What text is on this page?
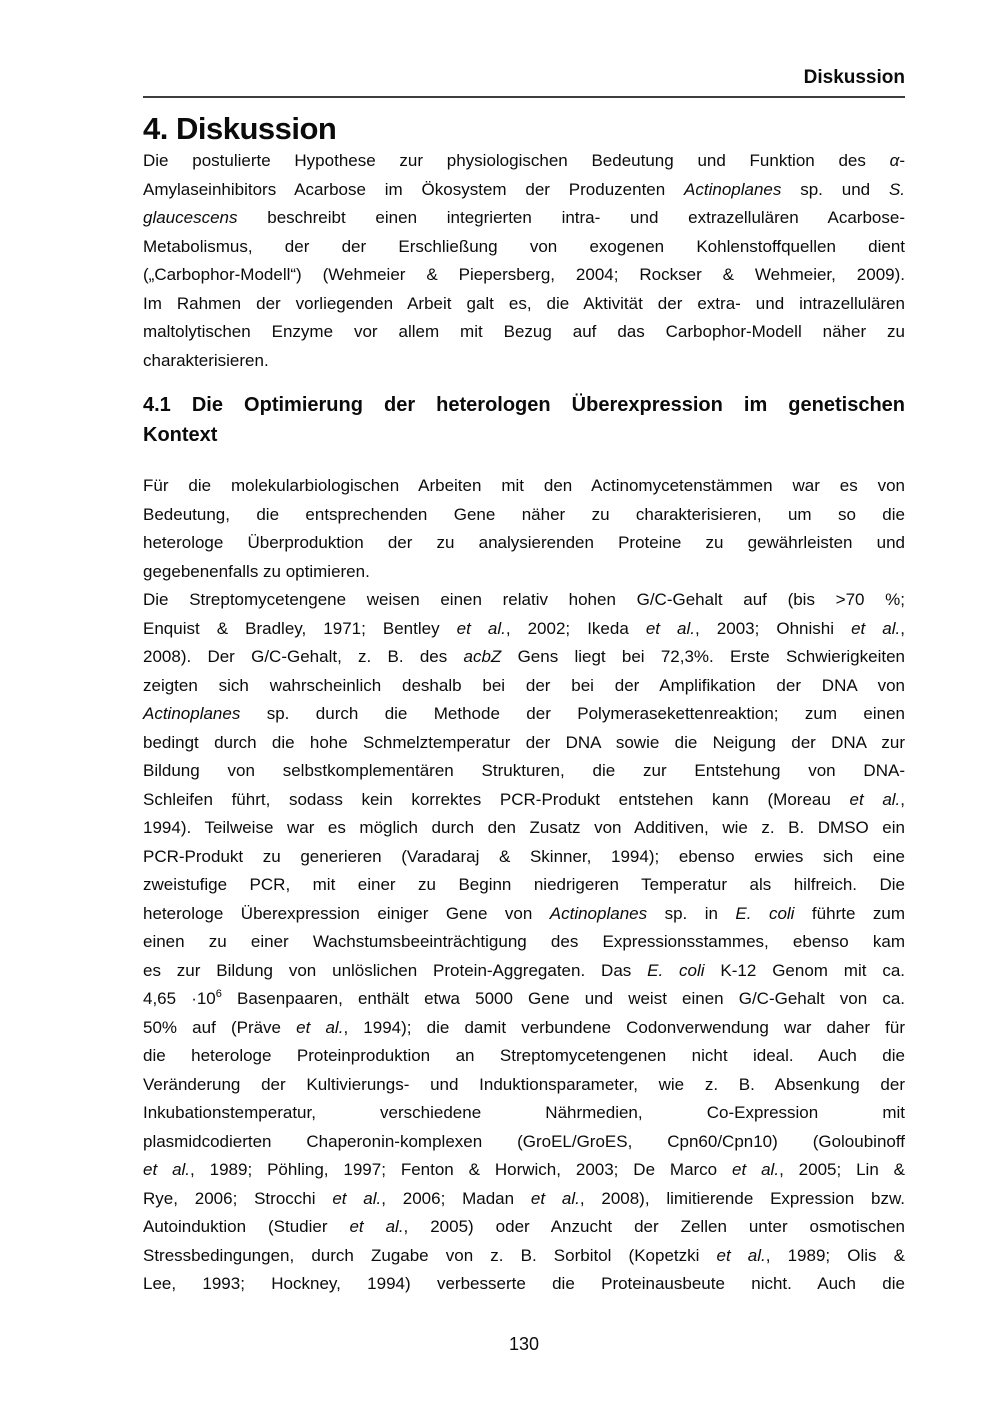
Diskussion
4. Diskussion
Die postulierte Hypothese zur physiologischen Bedeutung und Funktion des α-
Amylaseinhibitors Acarbose im Ökosystem der Produzenten Actinoplanes sp. und S.
glaucescens beschreibt einen integrierten intra- und extrazellulären Acarbose-
Metabolismus, der der Erschließung von exogenen Kohlenstoffquellen dient
(„Carbophor-Modell“) (Wehmeier & Piepersberg, 2004; Rockser & Wehmeier, 2009).
Im Rahmen der vorliegenden Arbeit galt es, die Aktivität der extra- und intrazellulären
maltolytischen Enzyme vor allem mit Bezug auf das Carbophor-Modell näher zu
charakterisieren.
4.1 Die Optimierung der heterologen Überexpression im genetischen
Kontext
Für die molekularbiologischen Arbeiten mit den Actinomycetenstämmen war es von
Bedeutung, die entsprechenden Gene näher zu charakterisieren, um so die
heterologe Überproduktion der zu analysierenden Proteine zu gewährleisten und
gegebenenfalls zu optimieren.
Die Streptomycetengene weisen einen relativ hohen G/C-Gehalt auf (bis >70 %;
Enquist & Bradley, 1971; Bentley et al., 2002; Ikeda et al., 2003; Ohnishi et al.,
2008). Der G/C-Gehalt, z. B. des acbZ Gens liegt bei 72,3%. Erste Schwierigkeiten
zeigten sich wahrscheinlich deshalb bei der bei der Amplifikation der DNA von
Actinoplanes sp. durch die Methode der Polymerasekettenreaktion; zum einen
bedingt durch die hohe Schmelztemperatur der DNA sowie die Neigung der DNA zur
Bildung von selbstkomplementären Strukturen, die zur Entstehung von DNA-
Schleifen führt, sodass kein korrektes PCR-Produkt entstehen kann (Moreau et al.,
1994). Teilweise war es möglich durch den Zusatz von Additiven, wie z. B. DMSO ein
PCR-Produkt zu generieren (Varadaraj & Skinner, 1994); ebenso erwies sich eine
zweistufige PCR, mit einer zu Beginn niedrigeren Temperatur als hilfreich. Die
heterologe Überexpression einiger Gene von Actinoplanes sp. in E. coli führte zum
einen zu einer Wachstumsbeeinträchtigung des Expressionsstammes, ebenso kam
es zur Bildung von unlöslichen Protein-Aggregaten. Das E. coli K-12 Genom mit ca.
$4,65 \cdot 10^6$ Basenpaaren, enthält etwa 5000 Gene und weist einen G/C-Gehalt von ca.
50% auf (Präve et al., 1994); die damit verbundene Codonverwendung war daher für
die heterologe Proteinproduktion an Streptomycetengenen nicht ideal. Auch die
Veränderung der Kultivierungs- und Induktionsparameter, wie z. B. Absenkung der
Inkubationstemperatur, verschiedene Nährmedien, Co-Expression mit
plasmidcodierten Chaperonin-komplexen (GroEL/GroES, Cpn60/Cpn10) (Goloubinoff
et al., 1989; Pöhling, 1997; Fenton & Horwich, 2003; De Marco et al., 2005; Lin &
Rye, 2006; Strocchi et al., 2006; Madan et al., 2008), limitierende Expression bzw.
Autoinduktion (Studier et al., 2005) oder Anzucht der Zellen unter osmotischen
Stressbedingungen, durch Zugabe von z. B. Sorbitol (Kopetzki et al., 1989; Olis &
Lee, 1993; Hockney, 1994) verbesserte die Proteinausbeute nicht. Auch die
130
